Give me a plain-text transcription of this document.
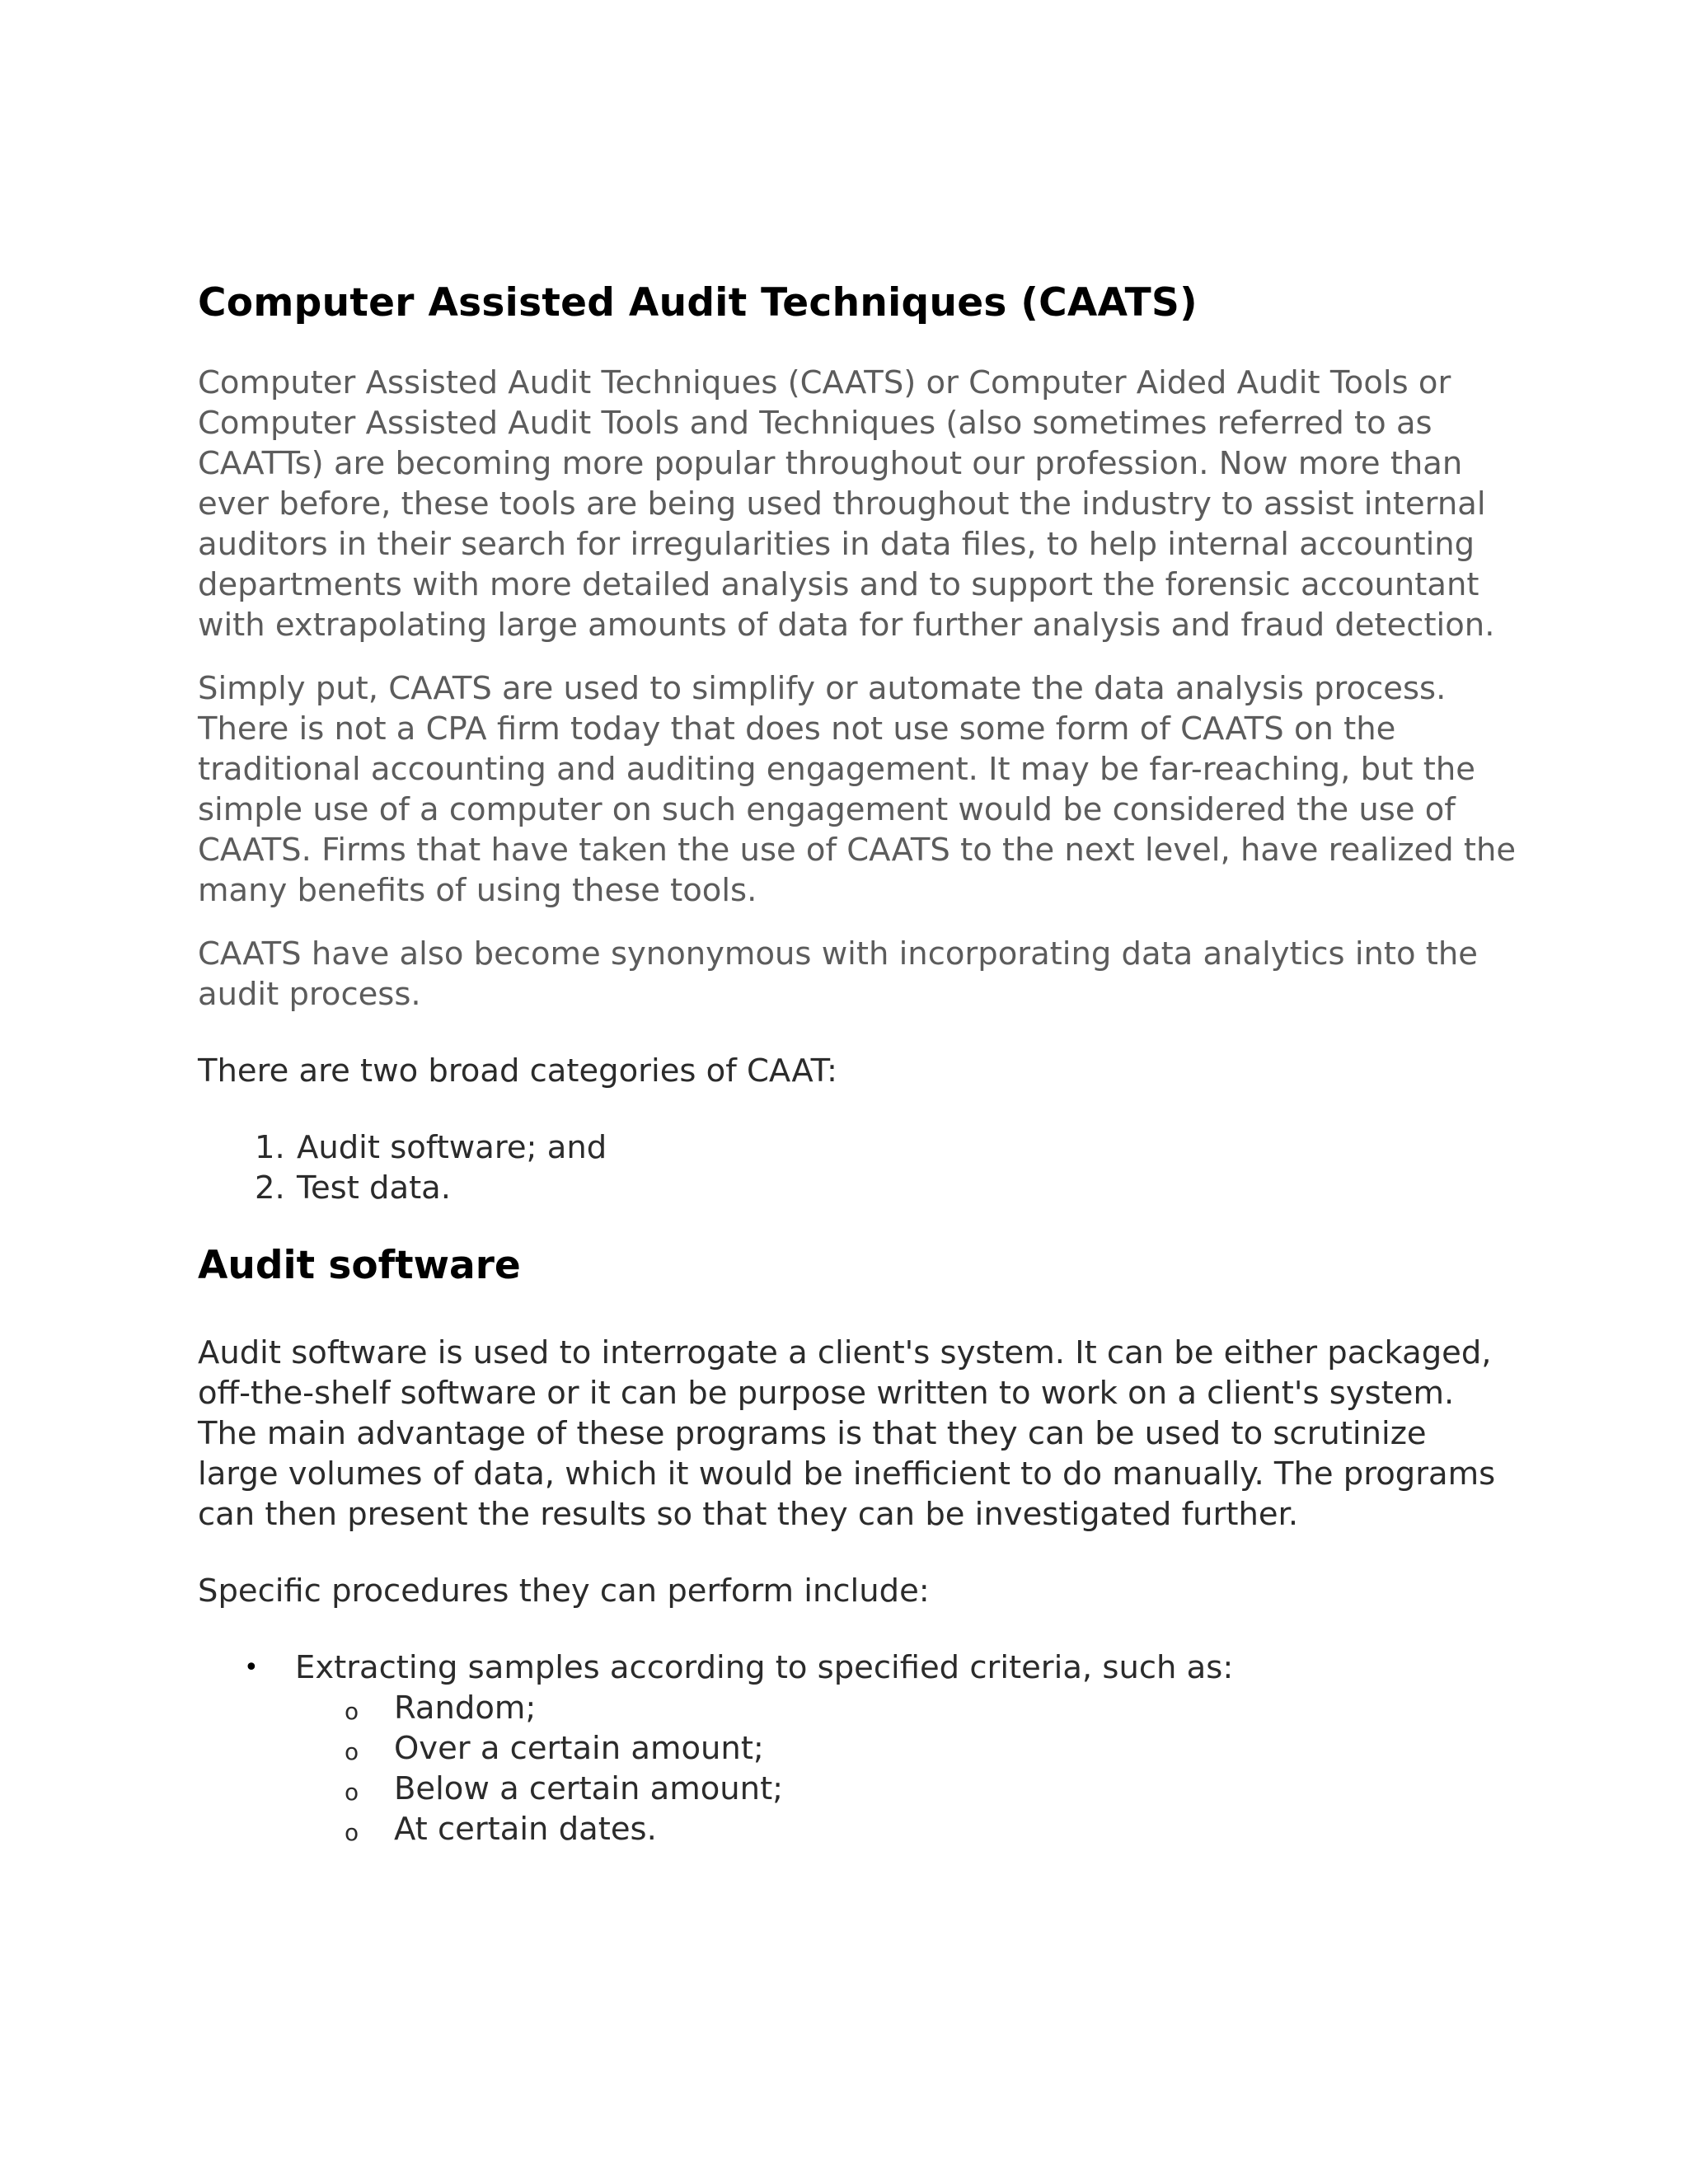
Computer Assisted Audit Techniques (CAATS)

Computer Assisted Audit Techniques (CAATS) or Computer Aided Audit Tools or Computer Assisted Audit Tools and Techniques (also sometimes referred to as CAATTs) are becoming more popular throughout our profession. Now more than ever before, these tools are being used throughout the industry to assist internal auditors in their search for irregularities in data files, to help internal accounting departments with more detailed analysis and to support the forensic accountant with extrapolating large amounts of data for further analysis and fraud detection.

Simply put, CAATS are used to simplify or automate the data analysis process. There is not a CPA firm today that does not use some form of CAATS on the traditional accounting and auditing engagement. It may be far-reaching, but the simple use of a computer on such engagement would be considered the use of CAATS. Firms that have taken the use of CAATS to the next level, have realized the many benefits of using these tools.

CAATS have also become synonymous with incorporating data analytics into the audit process.

There are two broad categories of CAAT:

1. Audit software; and
2. Test data.
Audit software

Audit software is used to interrogate a client's system. It can be either packaged, off-the-shelf software or it can be purpose written to work on a client's system. The main advantage of these programs is that they can be used to scrutinize large volumes of data, which it would be inefficient to do manually. The programs can then present the results so that they can be investigated further.

Specific procedures they can perform include:

• Extracting samples according to specified criteria, such as:
o Random;
o Over a certain amount;
o Below a certain amount;
o At certain dates.
